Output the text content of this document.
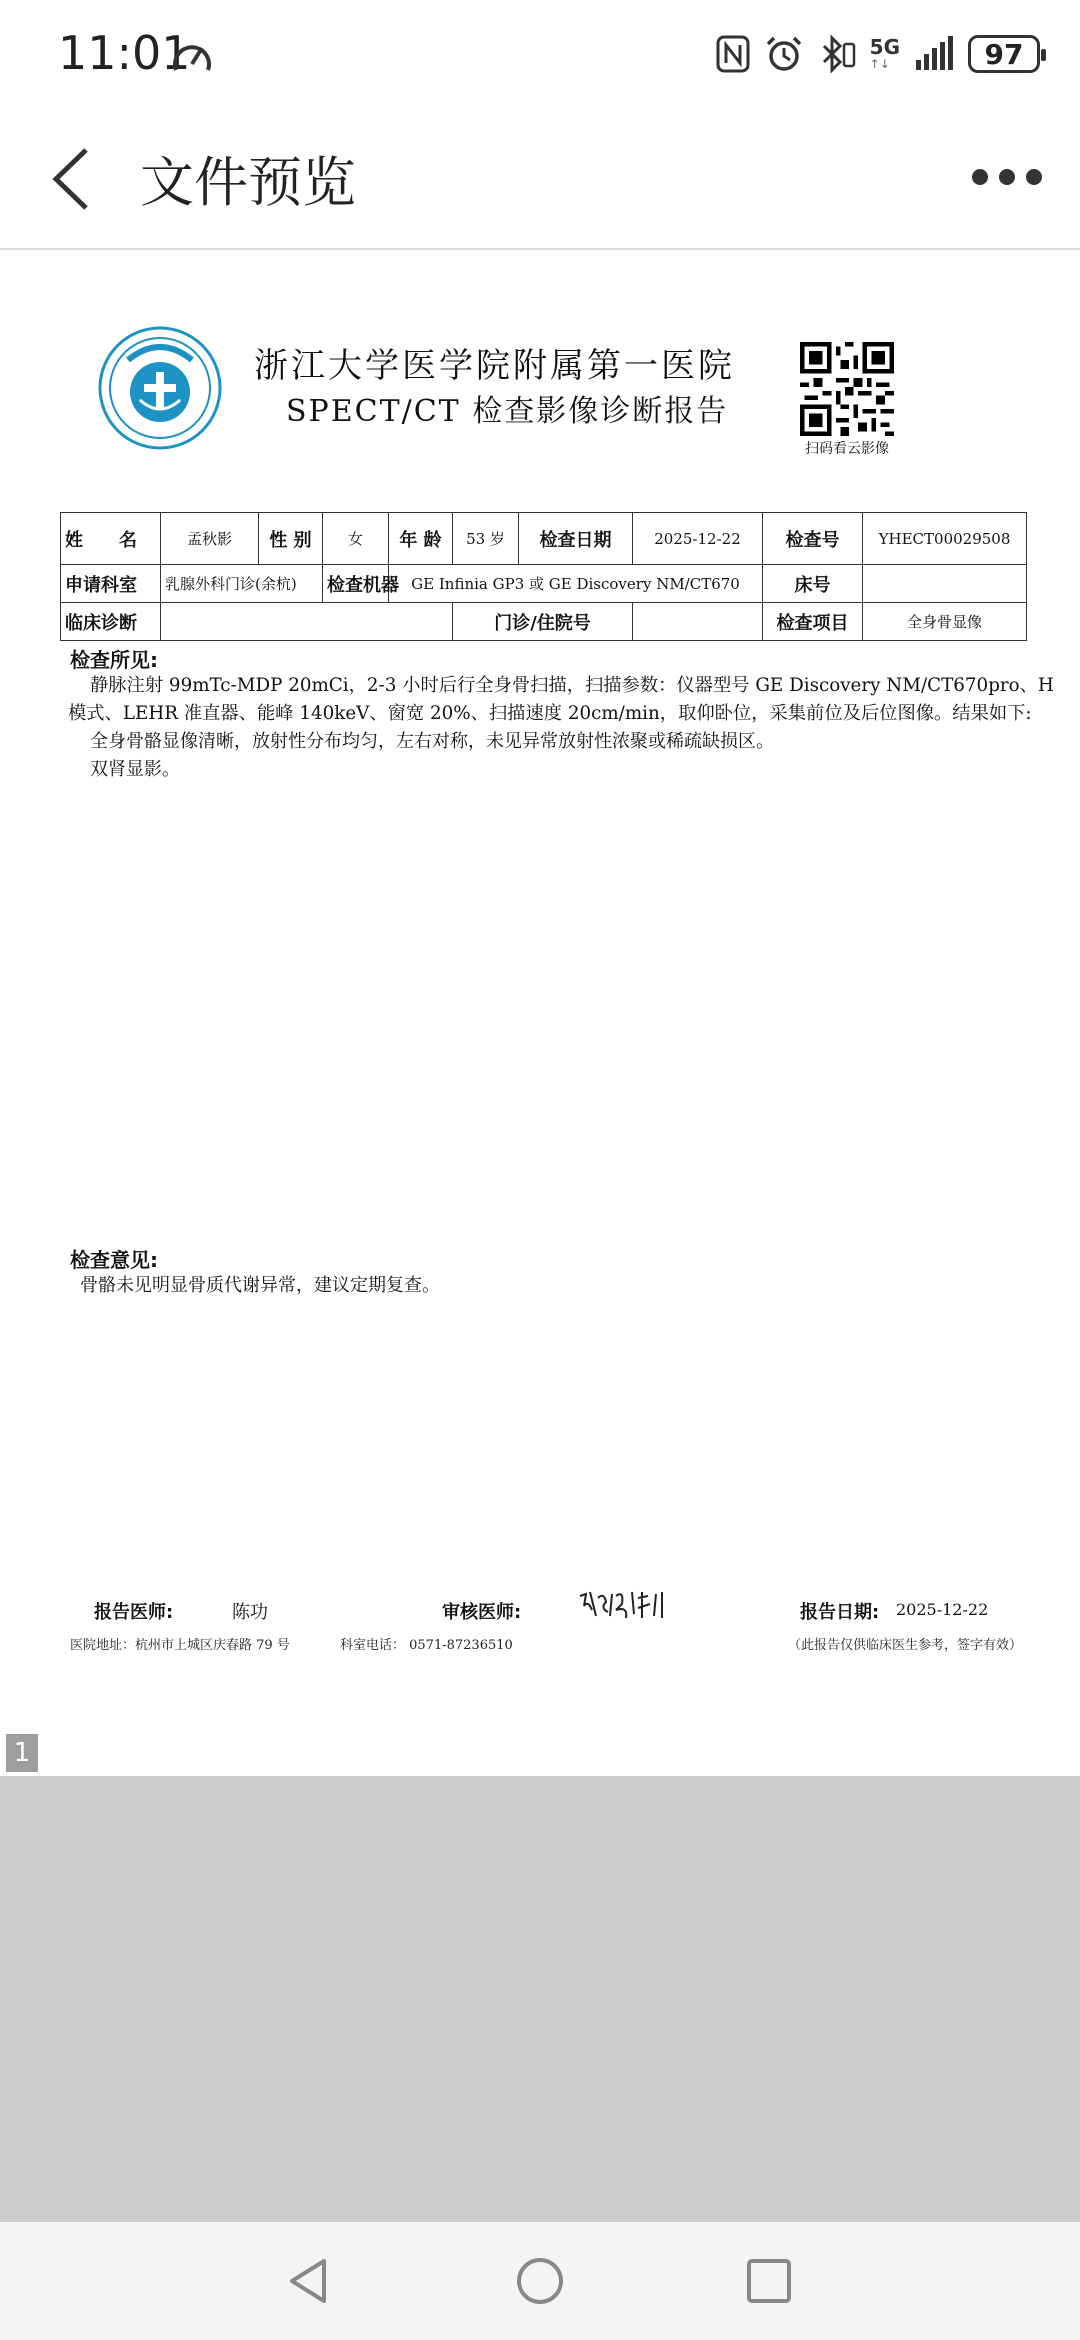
11:01	5G
↑↓	97
文件预览
浙江大学医学院附属第一医院
SPECT/CT 检查影像诊断报告
扫码看云影像
姓　　名	孟秋影	性 别	女	年 龄	53 岁	检查日期	2025-12-22	检查号	YHECT00029508
申请科室	乳腺外科门诊(余杭)		检查机器	GE Infinia GP3 或 GE Discovery NM/CT670				床号	
临床诊断					门诊/住院号			检查项目	全身骨显像
检查所见:
静脉注射 99mTc-MDP 20mCi，2-3 小时后行全身骨扫描，扫描参数：仪器型号 GE Discovery NM/CT670pro、H
模式、LEHR 准直器、能峰 140keV、窗宽 20%、扫描速度 20cm/min，取仰卧位，采集前位及后位图像。结果如下:
全身骨骼显像清晰，放射性分布均匀，左右对称，未见异常放射性浓聚或稀疏缺损区。
双肾显影。
检查意见:
骨骼未见明显骨质代谢异常，建议定期复查。
报告医师:	陈功	审核医师:	报告日期: 2025-12-22
医院地址：杭州市上城区庆春路 79 号	科室电话： 0571-87236510	（此报告仅供临床医生参考，签字有效）
1
